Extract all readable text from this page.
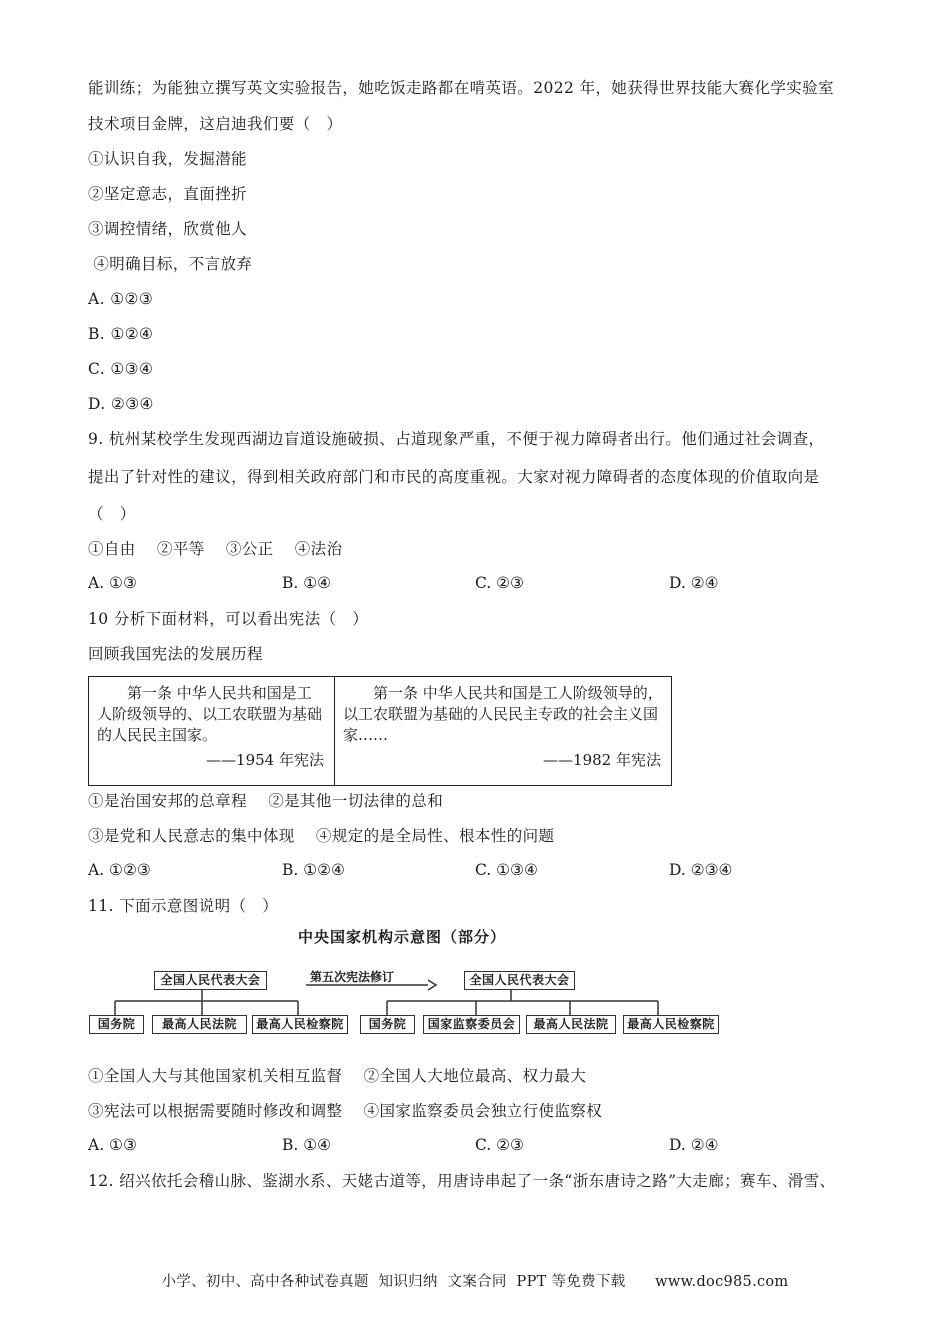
能训练；为能独立撰写英文实验报告，她吃饭走路都在啃英语。2022 年，她获得世界技能大赛化学实验室
技术项目金牌，这启迪我们要（　）
①认识自我，发掘潜能
②坚定意志，直面挫折
③调控情绪，欣赏他人
④明确目标，不言放弃
A. ①②③
B. ①②④
C. ①③④
D. ②③④
9. 杭州某校学生发现西湖边盲道设施破损、占道现象严重，不便于视力障碍者出行。他们通过社会调查，
提出了针对性的建议，得到相关政府部门和市民的高度重视。大家对视力障碍者的态度体现的价值取向是
（　）
①自由　 ②平等　 ③公正　 ④法治
A. ①③	B. ①④	C. ②③	D. ②④
10 分析下面材料，可以看出宪法（　）
回顾我国宪法的发展历程
第一条 中华人民共和国是工人阶级领导的、以工农联盟为基础的人民民主国家。
——1954 年宪法
第一条 中华人民共和国是工人阶级领导的，以工农联盟为基础的人民民主专政的社会主义国家……
——1982 年宪法
①是治国安邦的总章程　 ②是其他一切法律的总和
③是党和人民意志的集中体现　 ④规定的是全局性、根本性的问题
A. ①②③	B. ①②④	C. ①③④	D. ②③④
11. 下面示意图说明（　）
中央国家机构示意图（部分）
全国人民代表大会
国务院	最高人民法院	最高人民检察院
第五次宪法修订	全国人民代表大会
国务院	国家监察委员会	最高人民法院	最高人民检察院
①全国人大与其他国家机关相互监督　 ②全国人大地位最高、权力最大
③宪法可以根据需要随时修改和调整　 ④国家监察委员会独立行使监察权
A. ①③	B. ①④	C. ②③	D. ②④
12. 绍兴依托会稽山脉、鉴湖水系、天姥古道等，用唐诗串起了一条“浙东唐诗之路”大走廊；赛车、滑雪、
小学、初中、高中各种试卷真题  知识归纳  文案合同  PPT 等免费下载　　www.doc985.com
